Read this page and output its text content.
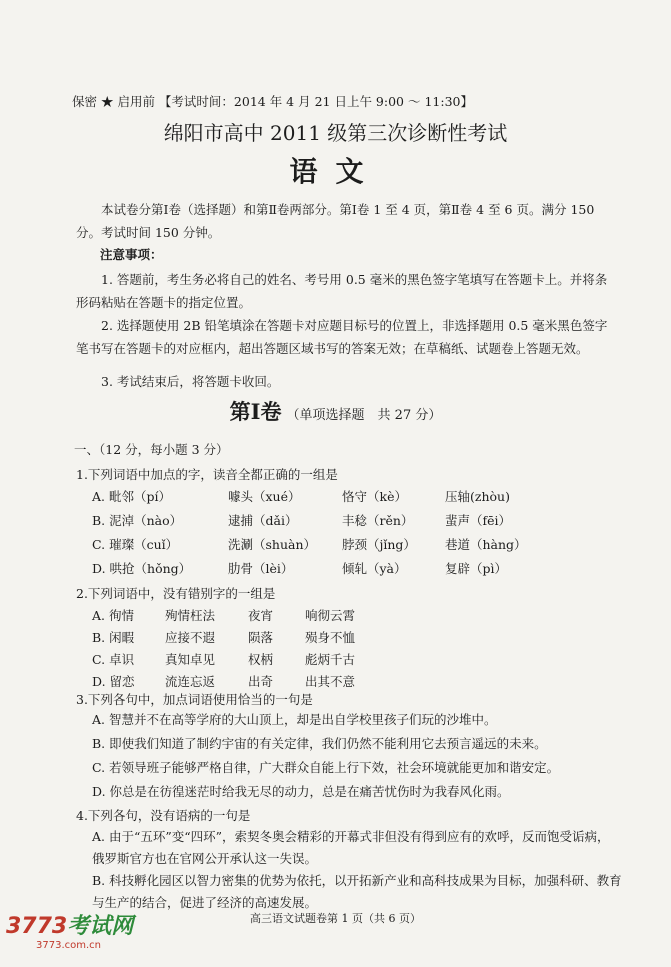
保密 ★ 启用前 【考试时间：2014 年 4 月 21 日上午 9:00 ～ 11:30】
绵阳市高中 2011 级第三次诊断性考试
语文
本试卷分第Ⅰ卷（选择题）和第Ⅱ卷两部分。第Ⅰ卷 1 至 4 页，第Ⅱ卷 4 至 6 页。满分 150 分。考试时间 150 分钟。
注意事项：
1. 答题前，考生务必将自己的姓名、考号用 0.5 毫米的黑色签字笔填写在答题卡上。并将条形码粘贴在答题卡的指定位置。
2. 选择题使用 2B 铅笔填涂在答题卡对应题目标号的位置上，非选择题用 0.5 毫米黑色签字笔书写在答题卡的对应框内，超出答题区域书写的答案无效；在草稿纸、试题卷上答题无效。
3. 考试结束后，将答题卡收回。
第Ⅰ卷 （单项选择题　共 27 分）
一、（12 分，每小题 3 分）
1.下列词语中加点的字，读音全都正确的一组是
A. 毗邻（pí）	噱头（xué）	恪守（kè）	压轴(zhòu)
B. 泥淖（nào）	逮捕（dǎi）	丰稔（rěn）	蜚声（fēi）
C. 璀璨（cuǐ）	洗涮（shuàn） 脖颈（jǐng） 巷道（hàng）
D. 哄抢（hǒng）	肋骨（lèi）	倾轧（yà）	复辟（pì）
2.下列词语中，没有错别字的一组是
A. 徇情 殉情枉法	夜宵	响彻云霄
B. 闲暇 应接不遐	陨落	殒身不恤
C. 卓识 真知卓见	权柄	彪炳千古
D. 留恋 流连忘返	出奇	出其不意
3.下列各句中，加点词语使用恰当的一句是
A. 智慧并不在高等学府的大山顶上，却是出自学校里孩子们玩的沙堆中。
B. 即使我们知道了制约宇宙的有关定律，我们仍然不能利用它去预言遥远的未来。
C. 若领导班子能够严格自律，广大群众自能上行下效，社会环境就能更加和谐安定。
D. 你总是在彷徨迷茫时给我无尽的动力，总是在痛苦忧伤时为我春风化雨。
4.下列各句，没有语病的一句是
A. 由于“五环”变“四环”，索契冬奥会精彩的开幕式非但没有得到应有的欢呼，反而饱受诟病，俄罗斯官方也在官网公开承认这一失误。
B. 科技孵化园区以智力密集的优势为依托，以开拓新产业和高科技成果为目标，加强科研、教育与生产的结合，促进了经济的高速发展。
高三语文试题卷第 1 页（共 6 页）
3773考试网
3773.com.cn
